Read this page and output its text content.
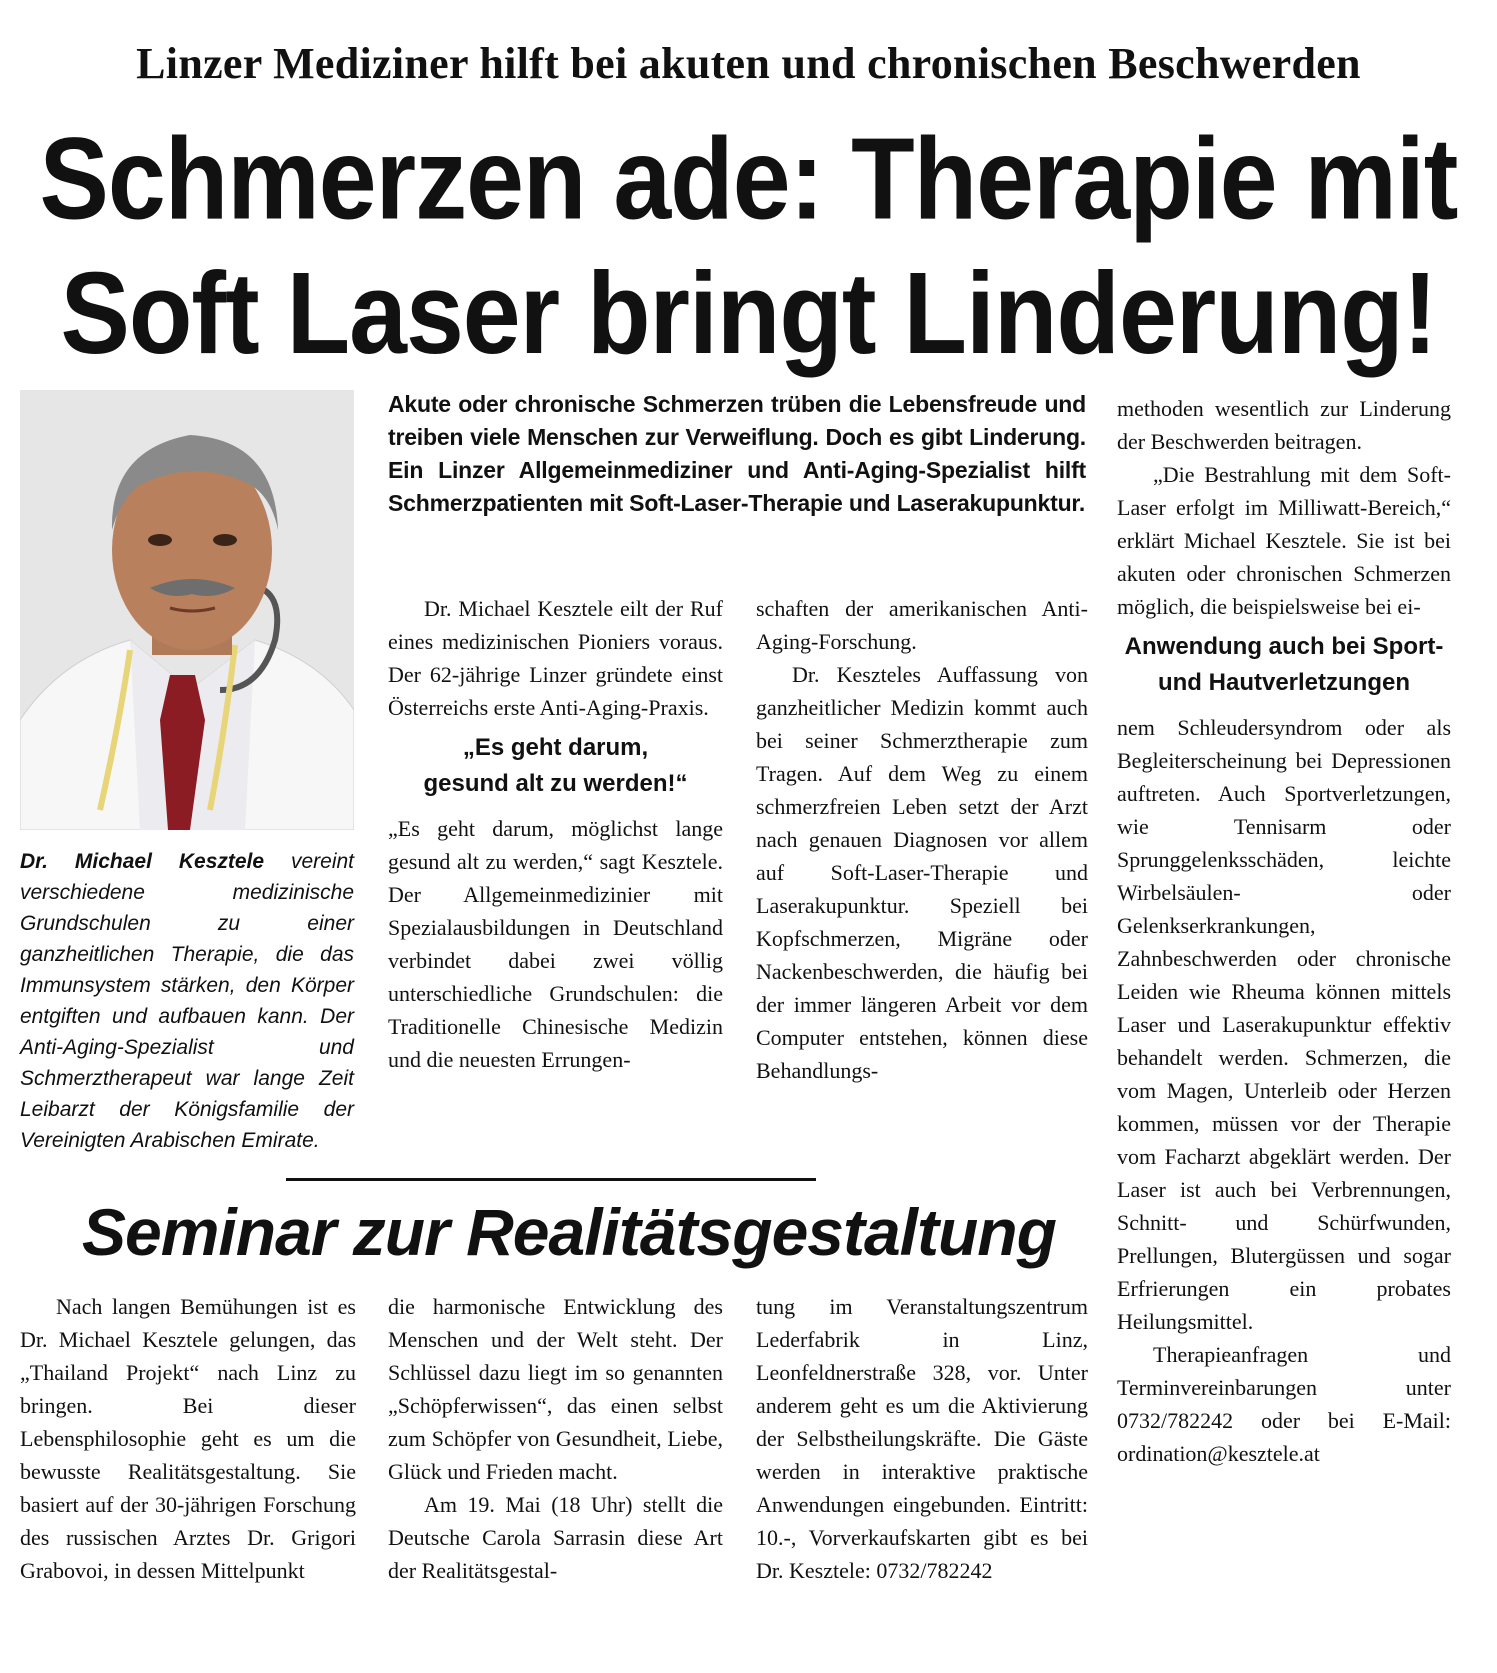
Linzer Mediziner hilft bei akuten und chronischen Beschwerden
Schmerzen ade: Therapie mit
Soft Laser bringt Linderung!
Dr. Michael Kesztele vereint verschiedene medizinische Grundschulen zu einer ganzheitlichen Therapie, die das Immunsystem stärken, den Körper entgiften und aufbauen kann. Der Anti-Aging-Spezialist und Schmerztherapeut war lange Zeit Leibarzt der Königsfamilie der Vereinigten Arabischen Emirate.
Akute oder chronische Schmerzen trüben die Lebensfreude und treiben viele Menschen zur Verweiflung. Doch es gibt Linderung. Ein Linzer Allgemeinmediziner und Anti-Aging-Spezialist hilft Schmerzpatienten mit Soft-Laser-Therapie und Laserakupunktur.

Dr. Michael Kesztele eilt der Ruf eines medizinischen Pioniers voraus. Der 62-jährige Linzer gründete einst Österreichs erste Anti-Aging-Praxis.

„Es geht darum,
gesund alt zu werden!“

„Es geht darum, möglichst lange gesund alt zu werden,“ sagt Kesztele. Der Allgemeinmedizinier mit Spezialausbildungen in Deutschland verbindet dabei zwei völlig unterschiedliche Grundschulen: die Traditionelle Chinesische Medizin und die neuesten Errungen-

schaften der amerikanischen Anti-Aging-Forschung.

Dr. Keszteles Auffassung von ganzheitlicher Medizin kommt auch bei seiner Schmerztherapie zum Tragen. Auf dem Weg zu einem schmerzfreien Leben setzt der Arzt nach genauen Diagnosen vor allem auf Soft-Laser-Therapie und Laserakupunktur. Speziell bei Kopfschmerzen, Migräne oder Nackenbeschwerden, die häufig bei der immer längeren Arbeit vor dem Computer entstehen, können diese Behandlungs-

methoden wesentlich zur Linderung der Beschwerden beitragen.

„Die Bestrahlung mit dem Soft-Laser erfolgt im Milliwatt-Bereich,“ erklärt Michael Kesztele. Sie ist bei akuten oder chronischen Schmerzen möglich, die beispielsweise bei ei-

Anwendung auch bei Sport-
und Hautverletzungen

nem Schleudersyndrom oder als Begleiterscheinung bei Depressionen auftreten. Auch Sportverletzungen, wie Tennisarm oder Sprunggelenksschäden, leichte Wirbelsäulen- oder Gelenkserkrankungen, Zahnbeschwerden oder chronische Leiden wie Rheuma können mittels Laser und Laserakupunktur effektiv behandelt werden. Schmerzen, die vom Magen, Unterleib oder Herzen kommen, müssen vor der Therapie vom Facharzt abgeklärt werden. Der Laser ist auch bei Verbrennungen, Schnitt- und Schürfwunden, Prellungen, Blutergüssen und sogar Erfrierungen ein probates Heilungsmittel.

Therapieanfragen und Terminvereinbarungen unter 0732/782242 oder bei E-Mail: ordination@kesztele.at

Seminar zur Realitätsgestaltung

Nach langen Bemühungen ist es Dr. Michael Kesztele gelungen, das „Thailand Projekt“ nach Linz zu bringen. Bei dieser Lebensphilosophie geht es um die bewusste Realitätsgestaltung. Sie basiert auf der 30-jährigen Forschung des russischen Arztes Dr. Grigori Grabovoi, in dessen Mittelpunkt

die harmonische Entwicklung des Menschen und der Welt steht. Der Schlüssel dazu liegt im so genannten „Schöpferwissen“, das einen selbst zum Schöpfer von Gesundheit, Liebe, Glück und Frieden macht.

Am 19. Mai (18 Uhr) stellt die Deutsche Carola Sarrasin diese Art der Realitätsgestal-

tung im Veranstaltungszentrum Lederfabrik in Linz, Leonfeldnerstraße 328, vor. Unter anderem geht es um die Aktivierung der Selbstheilungskräfte. Die Gäste werden in interaktive praktische Anwendungen eingebunden. Eintritt: 10.-, Vorverkaufskarten gibt es bei Dr. Kesztele: 0732/782242
